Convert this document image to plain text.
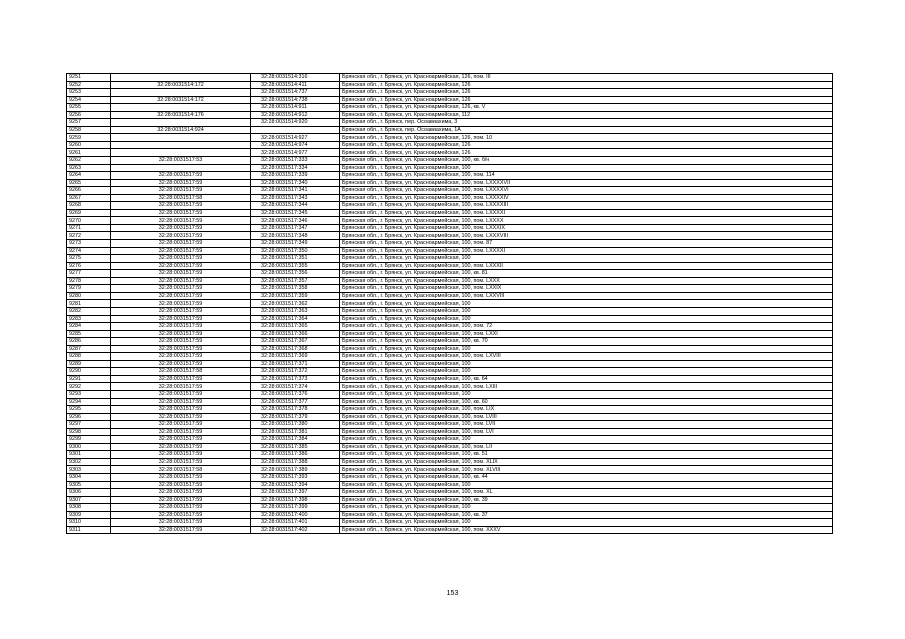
9251		32:28:0031514:316	Брянская обл., г. Брянск, ул. Красноармейская, 126, пом. III
9252	32:28:0031514:172	32:28:0031514:411	Брянская обл., г. Брянск, ул. Красноармейская, 126
9253		32:28:0031514:737	Брянская обл., г. Брянск, ул. Красноармейская, 126
9254	32:28:0031514:172	32:28:0031514:738	Брянская обл., г. Брянск, ул. Красноармейская, 126
9255		32:28:0031514:911	Брянская обл., г. Брянск, ул. Красноармейская, 126, кв. V
9256	32:28:0031514:176	32:28:0031514:912	Брянская обл., г. Брянск, ул. Красноармейская, 112
9257		32:28:0031514:920	Брянская обл., г. Брянск, пер. Осоавиахима, 3
9258	32:28:0031514:924		Брянская обл., г. Брянск, пер. Осоавиахима, 1А
9259		32:28:0031514:927	Брянская обл., г. Брянск, ул. Красноармейская, 126, пом. 10
9260		32:28:0031514:974	Брянская обл., г. Брянск, ул. Красноармейская, 126
9261		32:28:0031514:977	Брянская обл., г. Брянск, ул. Красноармейская, 126
9262	32:28:0031517:53	32:28:0031517:333	Брянская обл., г. Брянск, ул. Красноармейская, 100, кв. б/н
9263		32:28:0031517:334	Брянская обл., г. Брянск, ул. Красноармейская, 100
9264	32:28:0031517:59	32:28:0031517:339	Брянская обл., г. Брянск, ул. Красноармейская, 100, пом. 114
9265	32:28:0031517:59	32:28:0031517:340	Брянская обл., г. Брянск, ул. Красноармейская, 100, пом. LXXXXVII
9266	32:28:0031517:59	32:28:0031517:341	Брянская обл., г. Брянск, ул. Красноармейская, 100, пом. LXXXXVI
9267	32:28:0031517:58	32:28:0031517:343	Брянская обл., г. Брянск, ул. Красноармейская, 100, пом. LXXXXIV
9268	32:28:0031517:59	32:28:0031517:344	Брянская обл., г. Брянск, ул. Красноармейская, 100, пом. LXXXXIII
9269	32:28:0031517:59	32:28:0031517:345	Брянская обл., г. Брянск, ул. Красноармейская, 100, пом. LXXXXI
9270	32:28:0031517:59	32:28:0031517:346	Брянская обл., г. Брянск, ул. Красноармейская, 100, пом. LXXXX
9271	32:28:0031517:59	32:28:0031517:347	Брянская обл., г. Брянск, ул. Красноармейская, 100, пом. LXXXIX
9272	32:28:0031517:59	32:28:0031517:348	Брянская обл., г. Брянск, ул. Красноармейская, 100, пом. LXXXVIII
9273	32:28:0031517:59	32:28:0031517:349	Брянская обл., г. Брянск, ул. Красноармейская, 100, пом. 87
9274	32:28:0031517:59	32:28:0031517:350	Брянская обл., г. Брянск, ул. Красноармейская, 100, пом. LXXXXI
9275	32:28:0031517:59	32:28:0031517:351	Брянская обл., г. Брянск, ул. Красноармейская, 100
9276	32:28:0031517:59	32:28:0031517:355	Брянская обл., г. Брянск, ул. Красноармейская, 100, пом. LXXXII
9277	32:28:0031517:59	32:28:0031517:356	Брянская обл., г. Брянск, ул. Красноармейская, 100, кв. 81
9278	32:28:0031517:59	32:28:0031517:357	Брянская обл., г. Брянск, ул. Красноармейская, 100, пом. LXXX
9279	32:28:0031517:59	32:28:0031517:358	Брянская обл., г. Брянск, ул. Красноармейская, 100, пом. LXXIX
9280	32:28:0031517:59	32:28:0031517:359	Брянская обл., г. Брянск, ул. Красноармейская, 100, пом. LXXVIII
9281	32:28:0031517:59	32:28:0031517:362	Брянская обл., г. Брянск, ул. Красноармейская, 100
9282	32:28:0031517:59	32:28:0031517:363	Брянская обл., г. Брянск, ул. Красноармейская, 100
9283	32:28:0031517:59	32:28:0031517:364	Брянская обл., г. Брянск, ул. Красноармейская, 100
9284	32:28:0031517:59	32:28:0031517:365	Брянская обл., г. Брянск, ул. Красноармейская, 100, пом. 72
9285	32:28:0031517:59	32:28:0031517:366	Брянская обл., г. Брянск, ул. Красноармейская, 100, пом. LXXI
9286	32:28:0031517:59	32:28:0031517:367	Брянская обл., г. Брянск, ул. Красноармейская, 100, кв. 70
9287	32:28:0031517:59	32:28:0031517:368	Брянская обл., г. Брянск, ул. Красноармейская, 100
9288	32:28:0031517:59	32:28:0031517:369	Брянская обл., г. Брянск, ул. Красноармейская, 100, пом. LXVIII
9289	32:28:0031517:59	32:28:0031517:371	Брянская обл., г. Брянск, ул. Красноармейская, 100
9290	32:28:0031517:58	32:28:0031517:372	Брянская обл., г. Брянск, ул. Красноармейская, 100
9291	32:28:0031517:59	32:28:0031517:373	Брянская обл., г. Брянск, ул. Красноармейская, 100, кв. 64
9292	32:28:0031517:59	32:28:0031517:374	Брянская обл., г. Брянск, ул. Красноармейская, 100, пом. LXIII
9293	32:28:0031517:59	32:28:0031517:376	Брянская обл., г. Брянск, ул. Красноармейская, 100
9294	32:28:0031517:59	32:28:0031517:377	Брянская обл., г. Брянск, ул. Красноармейская, 100, кв. 60
9295	32:28:0031517:59	32:28:0031517:378	Брянская обл., г. Брянск, ул. Красноармейская, 100, пом. LIX
9296	32:28:0031517:59	32:28:0031517:379	Брянская обл., г. Брянск, ул. Красноармейская, 100, пом. LVIII
9297	32:28:0031517:59	32:28:0031517:380	Брянская обл., г. Брянск, ул. Красноармейская, 100, пом. LVII
9298	32:28:0031517:59	32:28:0031517:381	Брянская обл., г. Брянск, ул. Красноармейская, 100, пом. LVI
9299	32:28:0031517:59	32:28:0031517:384	Брянская обл., г. Брянск, ул. Красноармейская, 100
9300	32:28:0031517:59	32:28:0031517:385	Брянская обл., г. Брянск, ул. Красноармейская, 100, пом. LII
9301	32:28:0031517:59	32:28:0031517:386	Брянская обл., г. Брянск, ул. Красноармейская, 100, кв. 51
9302	32:28:0031517:59	32:28:0031517:388	Брянская обл., г. Брянск, ул. Красноармейская, 100, пом. XLIX
9303	32:28:0031517:58	32:28:0031517:389	Брянская обл., г. Брянск, ул. Красноармейская, 100, пом. XLVIII
9304	32:28:0031517:59	32:28:0031517:393	Брянская обл., г. Брянск, ул. Красноармейская, 100, кв. 44
9305	32:28:0031517:59	32:28:0031517:394	Брянская обл., г. Брянск, ул. Красноармейская, 100
9306	32:28:0031517:59	32:28:0031517:397	Брянская обл., г. Брянск, ул. Красноармейская, 100, пом. XL
9307	32:28:0031517:59	32:28:0031517:398	Брянская обл., г. Брянск, ул. Красноармейская, 100, кв. 39
9308	32:28:0031517:59	32:28:0031517:399	Брянская обл., г. Брянск, ул. Красноармейская, 100
9309	32:28:0031517:59	32:28:0031517:400	Брянская обл., г. Брянск, ул. Красноармейская, 100, кв. 37
9310	32:28:0031517:59	32:28:0031517:401	Брянская обл., г. Брянск, ул. Красноармейская, 100
9311	32:28:0031517:59	32:28:0031517:402	Брянская обл., г. Брянск, ул. Красноармейская, 100, пом. XXXV
153
